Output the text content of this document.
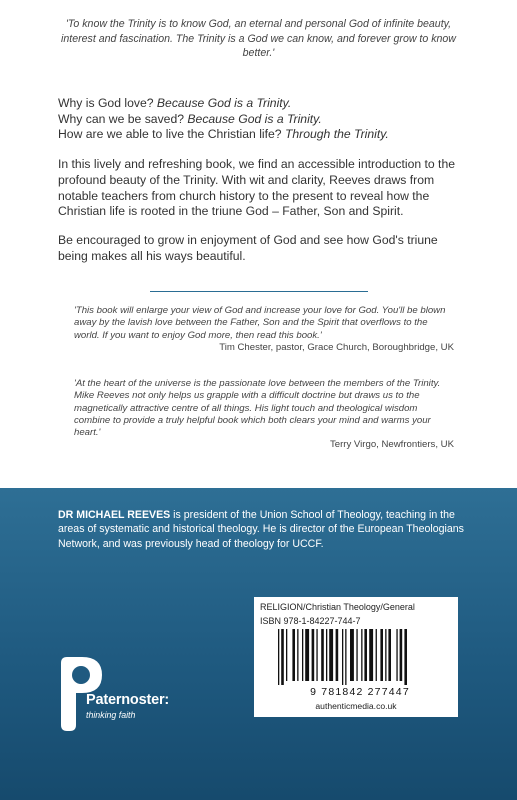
'To know the Trinity is to know God, an eternal and personal God of infinite beauty, interest and fascination. The Trinity is a God we can know, and forever grow to know better.'
Why is God love? Because God is a Trinity.
Why can we be saved? Because God is a Trinity.
How are we able to live the Christian life? Through the Trinity.
In this lively and refreshing book, we find an accessible introduction to the profound beauty of the Trinity. With wit and clarity, Reeves draws from notable teachers from church history to the present to reveal how the Christian life is rooted in the triune God – Father, Son and Spirit.
Be encouraged to grow in enjoyment of God and see how God's triune being makes all his ways beautiful.
'This book will enlarge your view of God and increase your love for God. You'll be blown away by the lavish love between the Father, Son and the Spirit that overflows to the world. If you want to enjoy God more, then read this book.'
Tim Chester, pastor, Grace Church, Boroughbridge, UK
'At the heart of the universe is the passionate love between the members of the Trinity. Mike Reeves not only helps us grapple with a difficult doctrine but draws us to the magnetically attractive centre of all things. His light touch and theological wisdom combine to provide a truly helpful book which both clears your mind and warms your heart.'
Terry Virgo, Newfrontiers, UK
DR MICHAEL REEVES is president of the Union School of Theology, teaching in the areas of systematic and historical theology. He is director of the European Theologians Network, and was previously head of theology for UCCF.
RELIGION/Christian Theology/General
ISBN 978-1-84227-744-7
9 781842 277447
authenticmedia.co.uk
Paternoster:
thinking faith
